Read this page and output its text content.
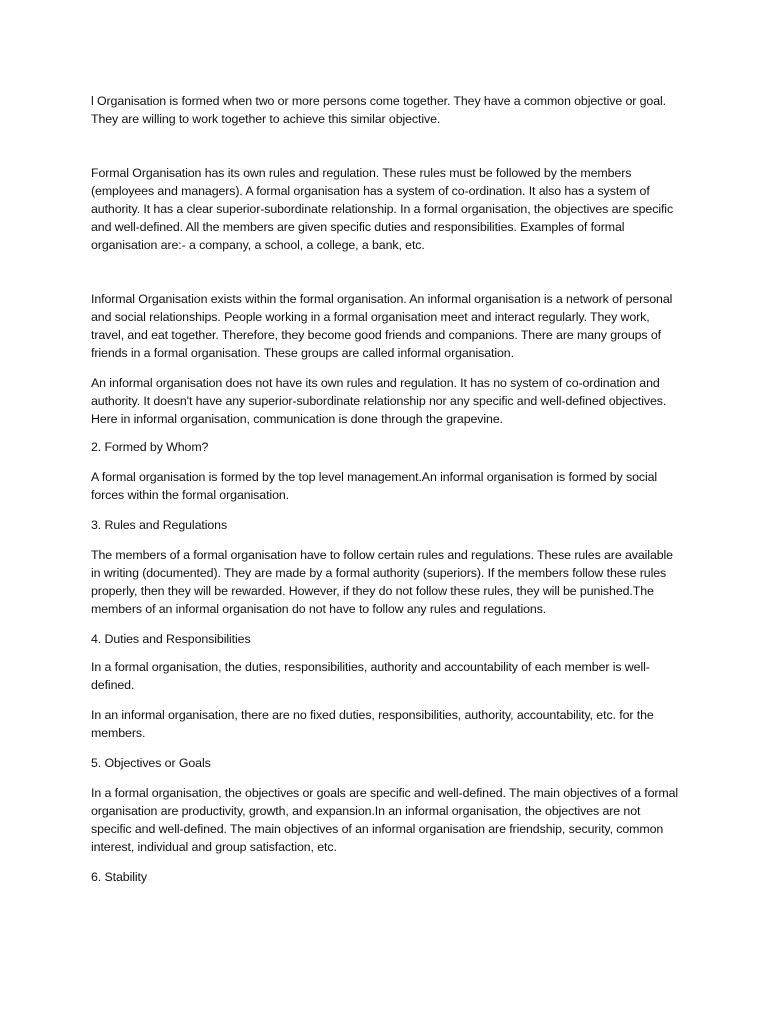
l Organisation is formed when two or more persons come together. They have a common objective or goal. They are willing to work together to achieve this similar objective.

Formal Organisation has its own rules and regulation. These rules must be followed by the members (employees and managers). A formal organisation has a system of co-ordination. It also has a system of authority. It has a clear superior-subordinate relationship. In a formal organisation, the objectives are specific and well-defined. All the members are given specific duties and responsibilities. Examples of formal organisation are:- a company, a school, a college, a bank, etc.

Informal Organisation exists within the formal organisation. An informal organisation is a network of personal and social relationships. People working in a formal organisation meet and interact regularly. They work, travel, and eat together. Therefore, they become good friends and companions. There are many groups of friends in a formal organisation. These groups are called informal organisation.

An informal organisation does not have its own rules and regulation. It has no system of co-ordination and authority. It doesn't have any superior-subordinate relationship nor any specific and well-defined objectives. Here in informal organisation, communication is done through the grapevine.

2. Formed by Whom?

A formal organisation is formed by the top level management.An informal organisation is formed by social forces within the formal organisation.

3. Rules and Regulations

The members of a formal organisation have to follow certain rules and regulations. These rules are available in writing (documented). They are made by a formal authority (superiors). If the members follow these rules properly, then they will be rewarded. However, if they do not follow these rules, they will be punished.The members of an informal organisation do not have to follow any rules and regulations.

4. Duties and Responsibilities

In a formal organisation, the duties, responsibilities, authority and accountability of each member is well-defined.

In an informal organisation, there are no fixed duties, responsibilities, authority, accountability, etc. for the members.

5. Objectives or Goals

In a formal organisation, the objectives or goals are specific and well-defined. The main objectives of a formal organisation are productivity, growth, and expansion.In an informal organisation, the objectives are not specific and well-defined. The main objectives of an informal organisation are friendship, security, common interest, individual and group satisfaction, etc.

6. Stability
